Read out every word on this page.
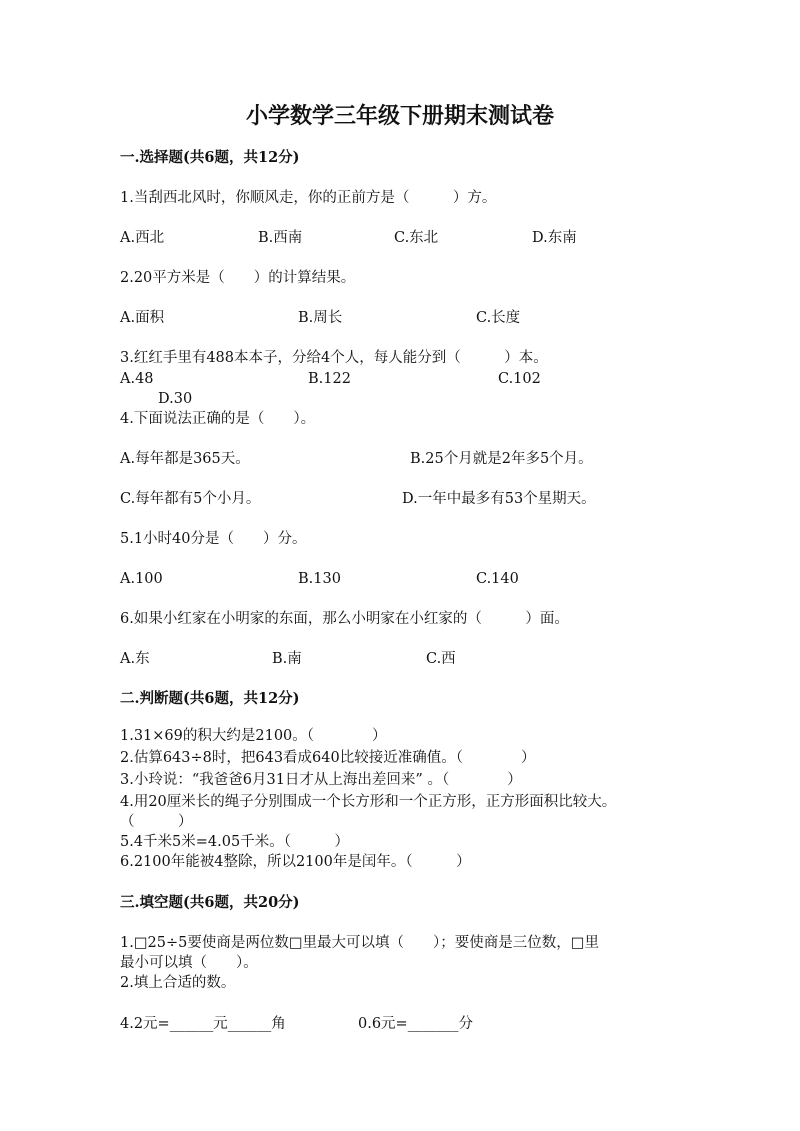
小学数学三年级下册期末测试卷
一.选择题(共6题，共12分)
1.当刮西北风时，你顺风走，你的正前方是（　　　）方。
A.西北	B.西南	C.东北	D.东南
2.20平方米是（　　）的计算结果。
A.面积	B.周长	C.长度
3.红红手里有488本本子，分给4个人，每人能分到（　　　）本。
A.48	B.122	C.102
D.30
4.下面说法正确的是（　　）。
A.每年都是365天。	B.25个月就是2年多5个月。
C.每年都有5个小月。	D.一年中最多有53个星期天。
5.1小时40分是（　　）分。
A.100	B.130	C.140
6.如果小红家在小明家的东面，那么小明家在小红家的（　　　）面。
A.东	B.南	C.西
二.判断题(共6题，共12分)
1.31×69的积大约是2100。（　　　　）
2.估算643÷8时，把643看成640比较接近准确值。（　　　　）
3.小玲说：“我爸爸6月31日才从上海出差回来” 。（　　　　）
4.用20厘米长的绳子分别围成一个长方形和一个正方形，正方形面积比较大。
（　　　）
5.4千米5米=4.05千米。（　　　）
6.2100年能被4整除，所以2100年是闰年。（　　　）
三.填空题(共6题，共20分)
1.□25÷5要使商是两位数□里最大可以填（　　）；要使商是三位数，□里
最小可以填（　　）。
2.填上合适的数。
4.2元=______元______角	0.6元=_______分
